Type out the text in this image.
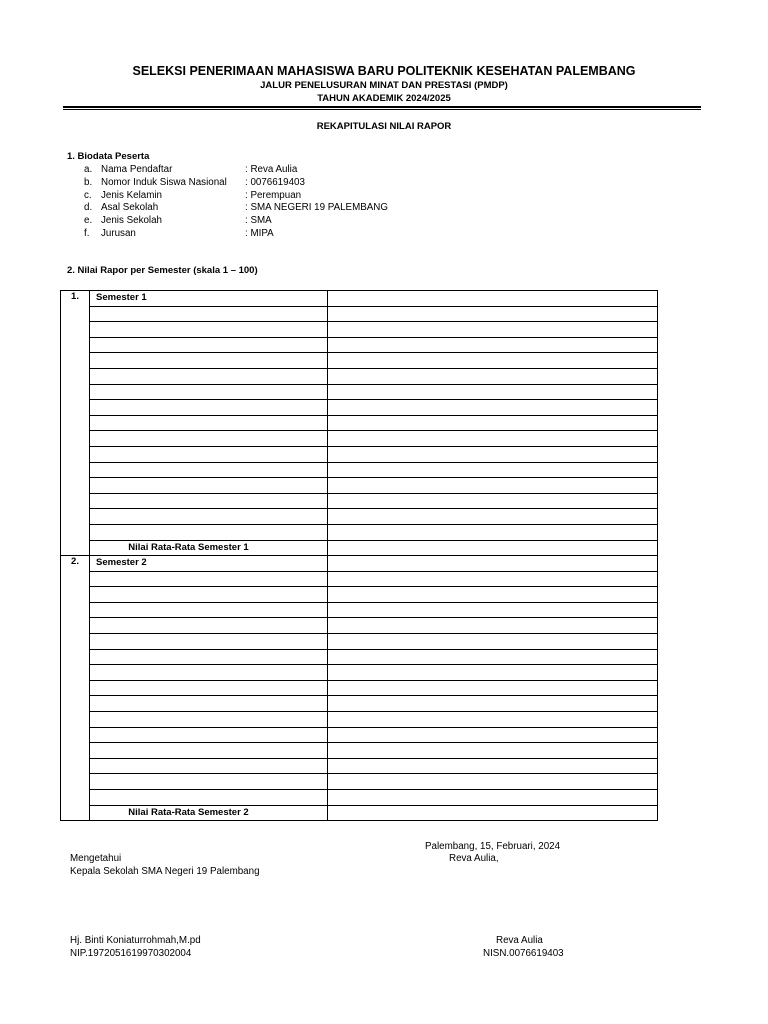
SELEKSI PENERIMAAN MAHASISWA BARU POLITEKNIK KESEHATAN PALEMBANG
JALUR PENELUSURAN MINAT DAN PRESTASI (PMDP)
TAHUN AKADEMIK 2024/2025
REKAPITULASI NILAI RAPOR
1. Biodata Peserta
a. Nama Pendaftar	: Reva Aulia
b. Nomor Induk Siswa Nasional : 0076619403
c. Jenis Kelamin	: Perempuan
d. Asal Sekolah	: SMA NEGERI 19 PALEMBANG
e. Jenis Sekolah	: SMA
f. Jurusan	: MIPA
2. Nilai Rapor per Semester (skala 1 – 100)
1.	Semester 1	

	Nilai Rata-Rata Semester 1	
2.	Semester 2	

	Nilai Rata-Rata Semester 2	
Palembang, 15, Februari, 2024
Mengetahui	Reva Aulia,
Kepala Sekolah SMA Negeri 19 Palembang
Hj. Binti Koniaturrohmah,M.pd	Reva Aulia
NIP.197205161997030200​4	NISN.0076619403
